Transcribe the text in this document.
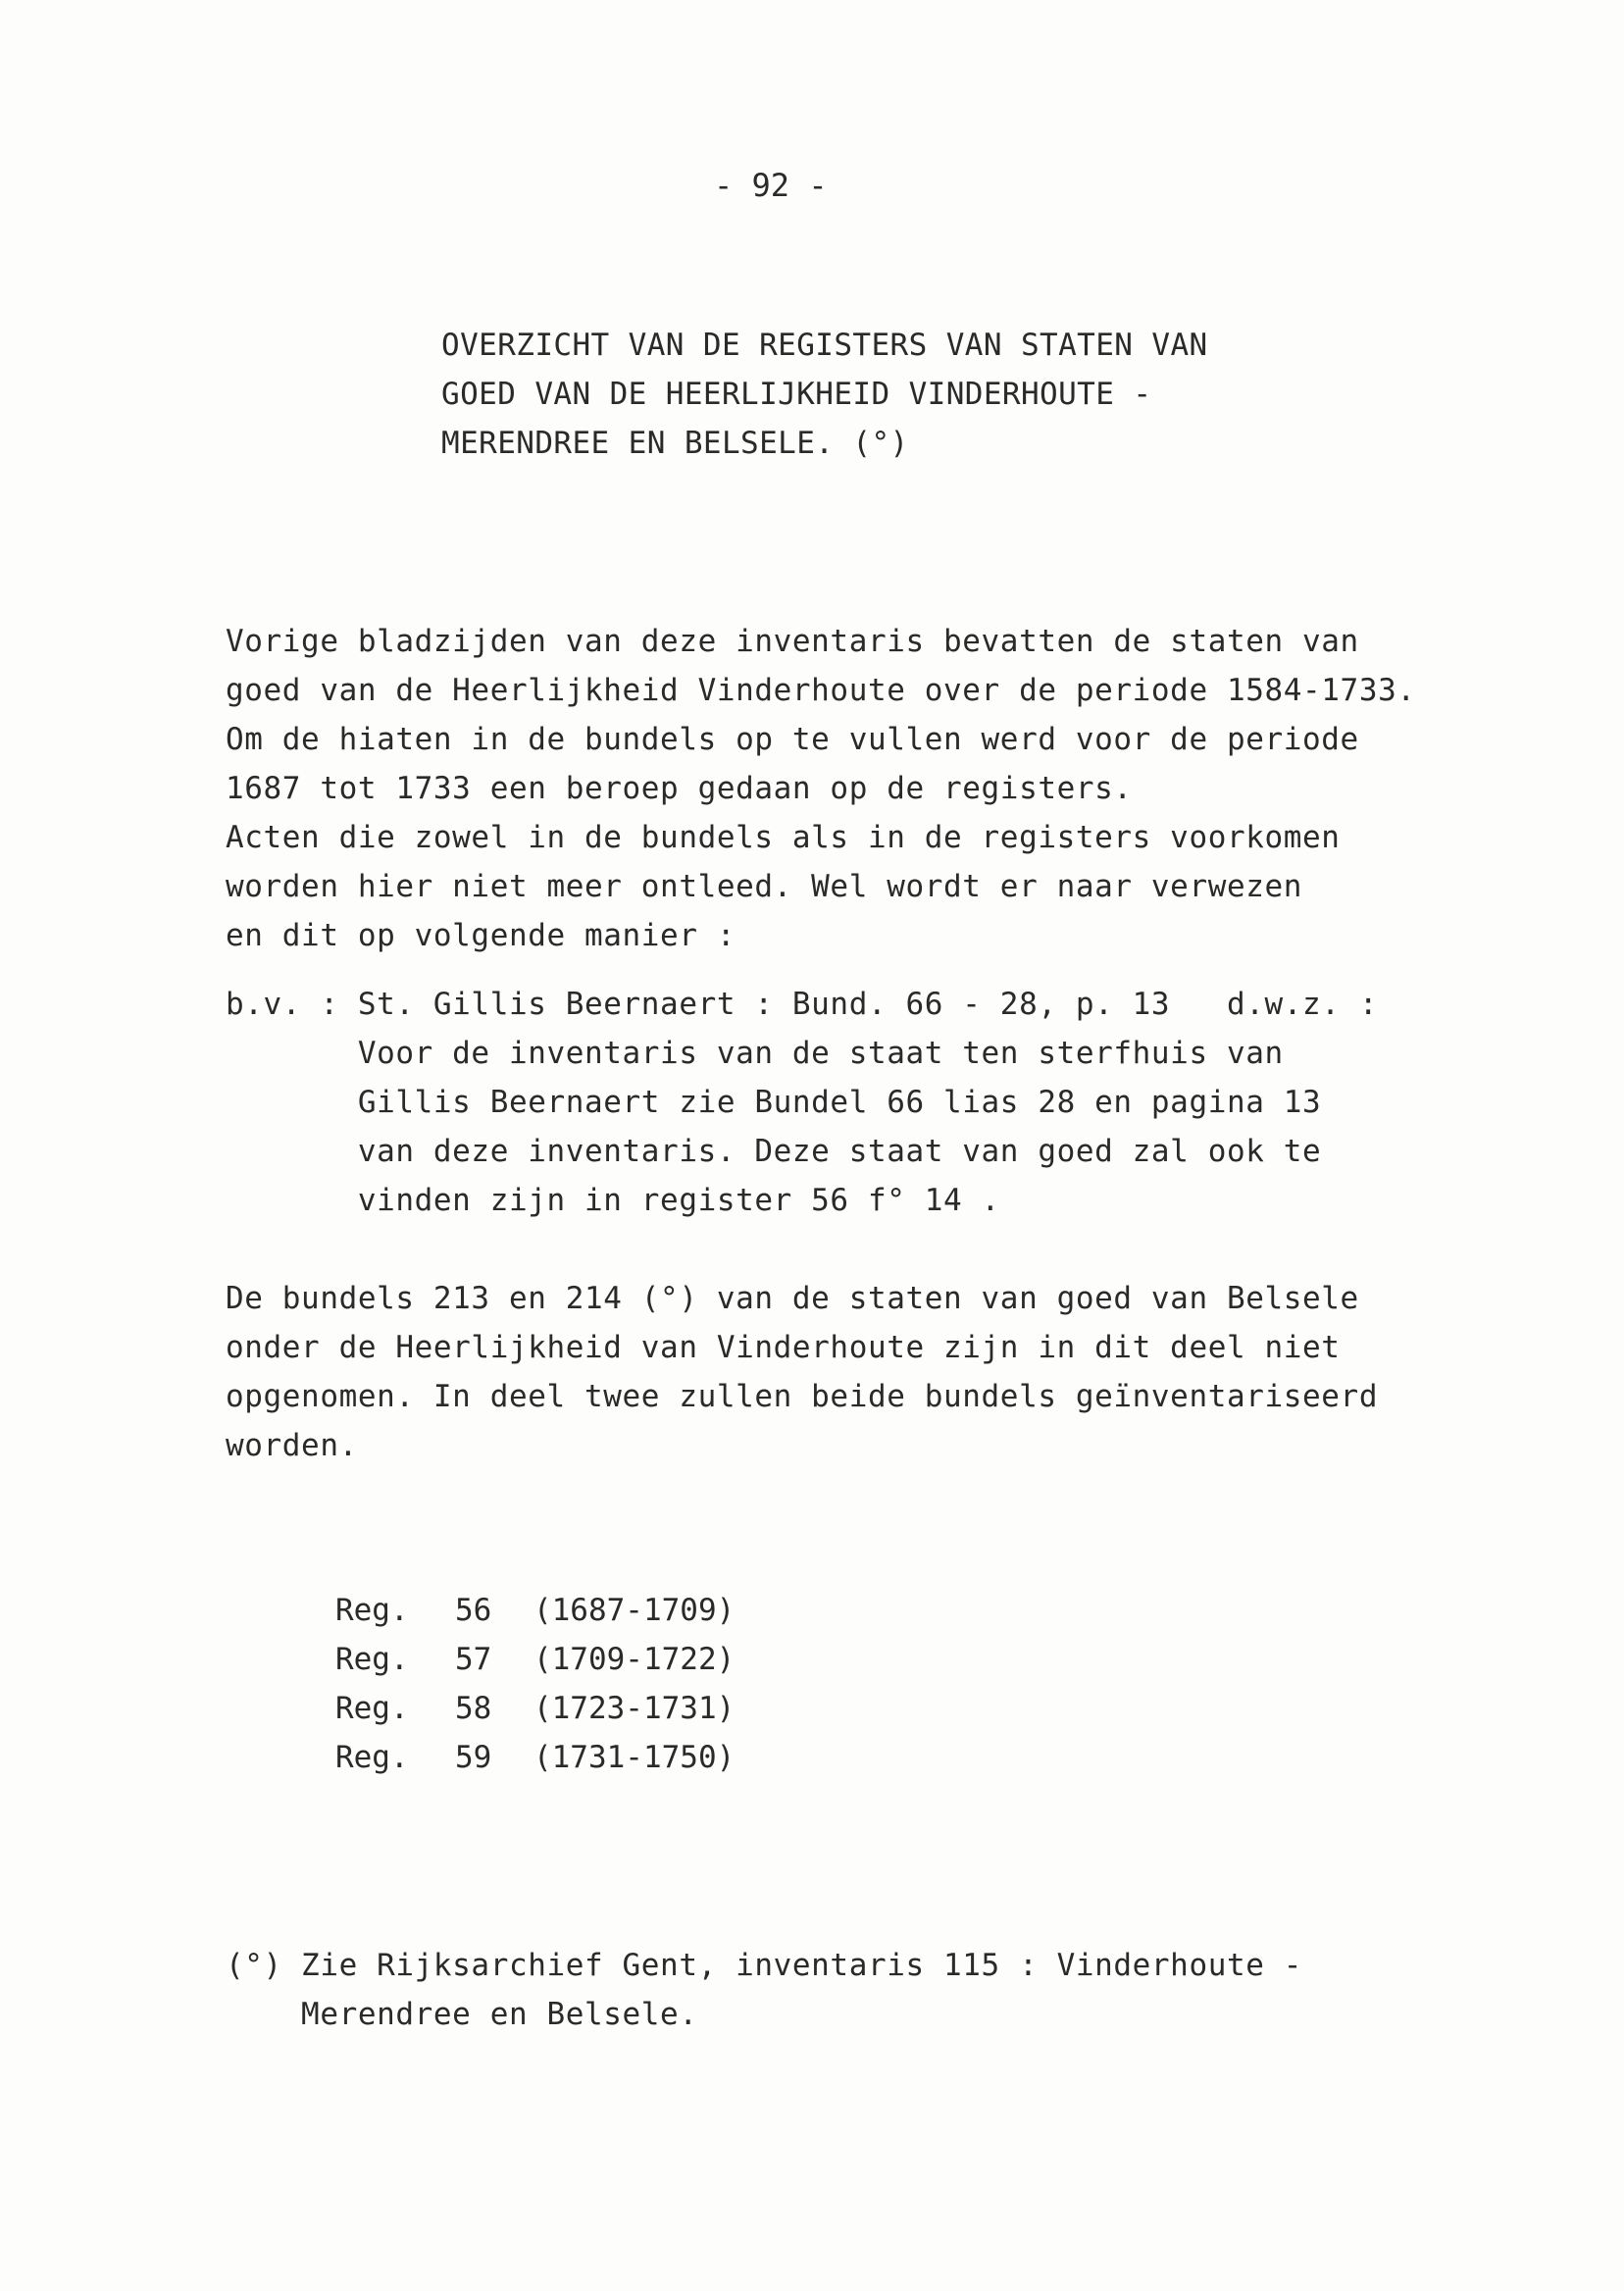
- 92 -
OVERZICHT VAN DE REGISTERS VAN STATEN VAN
GOED VAN DE HEERLIJKHEID VINDERHOUTE -
MERENDREE EN BELSELE. (°)
Vorige bladzijden van deze inventaris bevatten de staten van
goed van de Heerlijkheid Vinderhoute over de periode 1584-1733.
Om de hiaten in de bundels op te vullen werd voor de periode
1687 tot 1733 een beroep gedaan op de registers.
Acten die zowel in de bundels als in de registers voorkomen
worden hier niet meer ontleed. Wel wordt er naar verwezen
en dit op volgende manier :
b.v. : St. Gillis Beernaert : Bund. 66 - 28, p. 13   d.w.z. :
Voor de inventaris van de staat ten sterfhuis van
Gillis Beernaert zie Bundel 66 lias 28 en pagina 13
van deze inventaris. Deze staat van goed zal ook te
vinden zijn in register 56 f° 14 .
De bundels 213 en 214 (°) van de staten van goed van Belsele
onder de Heerlijkheid van Vinderhoute zijn in dit deel niet
opgenomen. In deel twee zullen beide bundels geïnventariseerd
worden.

Reg. 56 (1687-1709)

Reg. 57 (1709-1722)

Reg. 58 (1723-1731)

Reg. 59 (1731-1750)

(°) Zie Rijksarchief Gent, inventaris 115 : Vinderhoute -
Merendree en Belsele.
